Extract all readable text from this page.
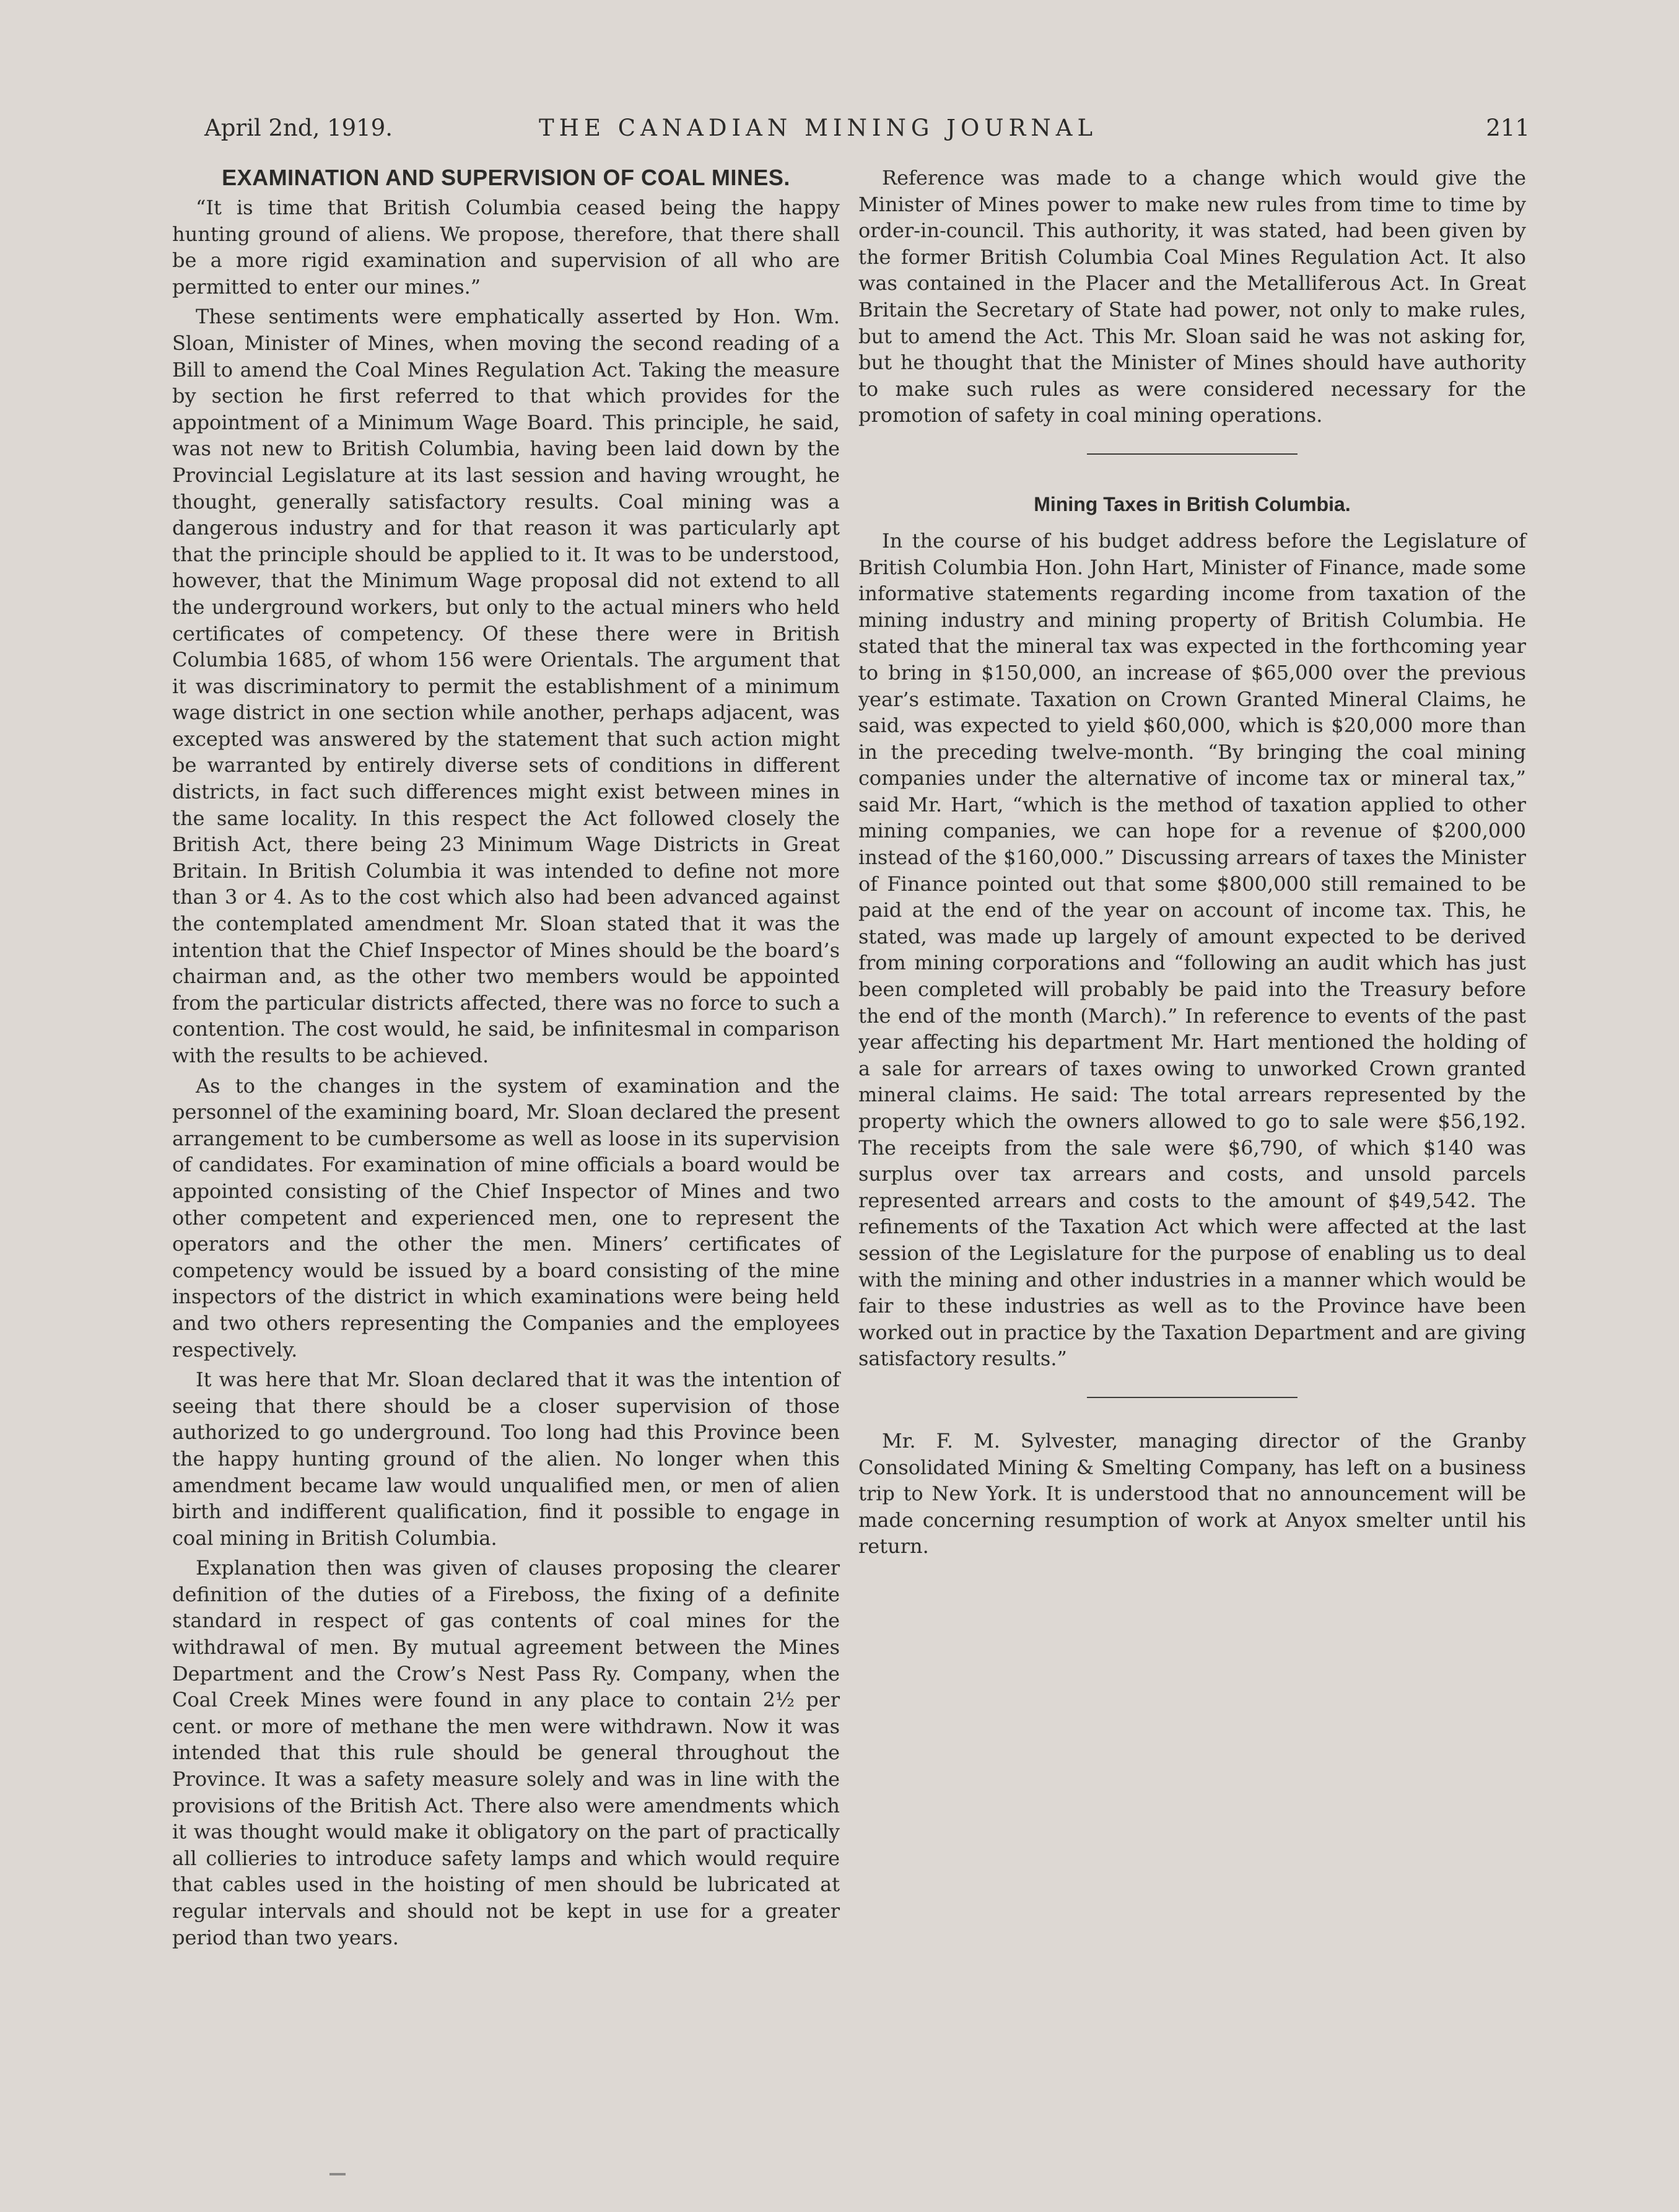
April 2nd, 1919.	THE CANADIAN MINING JOURNAL	211
EXAMINATION AND SUPERVISION OF COAL MINES.

“It is time that British Columbia ceased being the happy hunting ground of aliens. We propose, therefore, that there shall be a more rigid examination and supervision of all who are permitted to enter our mines.”

These sentiments were emphatically asserted by Hon. Wm. Sloan, Minister of Mines, when moving the second reading of a Bill to amend the Coal Mines Regulation Act. Taking the measure by section he first referred to that which provides for the appointment of a Minimum Wage Board. This principle, he said, was not new to British Columbia, having been laid down by the Provincial Legislature at its last session and having wrought, he thought, generally satisfactory results. Coal mining was a dangerous industry and for that reason it was particularly apt that the principle should be applied to it. It was to be understood, however, that the Minimum Wage proposal did not extend to all the underground workers, but only to the actual miners who held certificates of competency. Of these there were in British Columbia 1685, of whom 156 were Orientals. The argument that it was discriminatory to permit the establishment of a minimum wage district in one section while another, perhaps adjacent, was excepted was answered by the statement that such action might be warranted by entirely diverse sets of conditions in different districts, in fact such differences might exist between mines in the same locality. In this respect the Act followed closely the British Act, there being 23 Minimum Wage Districts in Great Britain. In British Columbia it was intended to define not more than 3 or 4. As to the cost which also had been advanced against the contemplated amendment Mr. Sloan stated that it was the intention that the Chief Inspector of Mines should be the board’s chairman and, as the other two members would be appointed from the particular districts affected, there was no force to such a contention. The cost would, he said, be infinitesmal in comparison with the results to be achieved.

As to the changes in the system of examination and the personnel of the examining board, Mr. Sloan declared the present arrangement to be cumbersome as well as loose in its supervision of candidates. For examination of mine officials a board would be appointed consisting of the Chief Inspector of Mines and two other competent and experienced men, one to represent the operators and the other the men. Miners’ certificates of competency would be issued by a board consisting of the mine inspectors of the district in which examinations were being held and two others representing the Companies and the employees respectively.

It was here that Mr. Sloan declared that it was the intention of seeing that there should be a closer supervision of those authorized to go underground. Too long had this Province been the happy hunting ground of the alien. No longer when this amendment became law would unqualified men, or men of alien birth and indifferent qualification, find it possible to engage in coal mining in British Columbia.

Explanation then was given of clauses proposing the clearer definition of the duties of a Fireboss, the fixing of a definite standard in respect of gas contents of coal mines for the withdrawal of men. By mutual agreement between the Mines Department and the Crow’s Nest Pass Ry. Company, when the Coal Creek Mines were found in any place to contain 2½ per cent. or more of methane the men were withdrawn. Now it was intended that this rule should be general throughout the Province. It was a safety measure solely and was in line with the provisions of the British Act. There also were amendments which it was thought would make it obligatory on the part of practically all collieries to introduce safety lamps and which would require that cables used in the hoisting of men should be lubricated at regular intervals and should not be kept in use for a greater period than two years.

Reference was made to a change which would give the Minister of Mines power to make new rules from time to time by order-in-council. This authority, it was stated, had been given by the former British Columbia Coal Mines Regulation Act. It also was contained in the Placer and the Metalliferous Act. In Great Britain the Secretary of State had power, not only to make rules, but to amend the Act. This Mr. Sloan said he was not asking for, but he thought that the Minister of Mines should have authority to make such rules as were considered necessary for the promotion of safety in coal mining operations.

Mining Taxes in British Columbia.

In the course of his budget address before the Legislature of British Columbia Hon. John Hart, Minister of Finance, made some informative statements regarding income from taxation of the mining industry and mining property of British Columbia. He stated that the mineral tax was expected in the forthcoming year to bring in $150,000, an increase of $65,000 over the previous year’s estimate. Taxation on Crown Granted Mineral Claims, he said, was expected to yield $60,000, which is $20,000 more than in the preceding twelve-month. “By bringing the coal mining companies under the alternative of income tax or mineral tax,” said Mr. Hart, “which is the method of taxation applied to other mining companies, we can hope for a revenue of $200,000 instead of the $160,000.” Discussing arrears of taxes the Minister of Finance pointed out that some $800,000 still remained to be paid at the end of the year on account of income tax. This, he stated, was made up largely of amount expected to be derived from mining corporations and “following an audit which has just been completed will probably be paid into the Treasury before the end of the month (March).” In reference to events of the past year affecting his department Mr. Hart mentioned the holding of a sale for arrears of taxes owing to unworked Crown granted mineral claims. He said: The total arrears represented by the property which the owners allowed to go to sale were $56,192. The receipts from the sale were $6,790, of which $140 was surplus over tax arrears and costs, and unsold parcels represented arrears and costs to the amount of $49,542. The refinements of the Taxation Act which were affected at the last session of the Legislature for the purpose of enabling us to deal with the mining and other industries in a manner which would be fair to these industries as well as to the Province have been worked out in practice by the Taxation Department and are giving satisfactory results.”

Mr. F. M. Sylvester, managing director of the Granby Consolidated Mining & Smelting Company, has left on a business trip to New York. It is understood that no announcement will be made concerning resumption of work at Anyox smelter until his return.
